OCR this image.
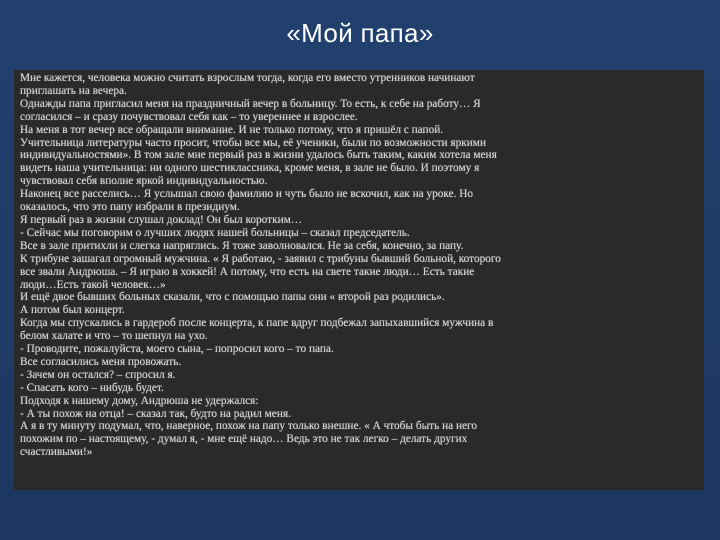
«Мой папа»
Мне кажется, человека можно считать взрослым тогда, когда его вместо утренников начинают
приглашать на вечера.
Однажды папа пригласил меня на праздничный вечер в больницу. То есть, к себе на работу… Я
согласился – и сразу почувствовал себя как – то увереннее и взрослее.
На меня в тот вечер все обращали внимание. И не только потому, что я пришёл с папой.
Учительница литературы часто просит, чтобы все мы, её ученики, были по возможности яркими
индивидуальностями». В том зале мне первый раз в жизни удалось быть таким, каким хотела меня
видеть наша учительница: ни одного шестиклассника, кроме меня, в зале не было. И поэтому я
чувствовал себя вполне яркой индивидуальностью.
Наконец все расселись… Я услышал свою фамилию и чуть было не вскочил, как на уроке. Но
оказалось, что это папу избрали в президиум.
Я первый раз в жизни слушал доклад! Он был коротким…
- Сейчас мы поговорим о лучших людях нашей больницы – сказал председатель.
Все в зале притихли и слегка напряглись. Я тоже заволновался. Не за себя, конечно, за папу.
К трибуне зашагал огромный мужчина. « Я работаю, - заявил с трибуны бывший больной, которого
все звали Андрюша. – Я играю в хоккей! А потому, что есть на свете такие люди… Есть такие
люди…Есть такой человек…»
И ещё двое бывших больных сказали, что с помощью папы они « второй раз родились».
А потом был концерт.
Когда мы спускались в гардероб после концерта, к папе вдруг подбежал запыхавшийся мужчина в
белом халате и что – то шепнул на ухо.
- Проводите, пожалуйста, моего сына, – попросил кого – то папа.
Все согласились меня провожать.
- Зачем он остался? – спросил я.
- Спасать кого – нибудь будет.
Подходя к нашему дому, Андрюша не удержался:
- А ты похож на отца! – сказал так, будто на радил меня.
А я в ту минуту подумал, что, наверное, похож на папу только внешне. « А чтобы быть на него
похожим по – настоящему, - думал я, - мне ещё надо… Ведь это не так легко – делать других
счастливыми!»
